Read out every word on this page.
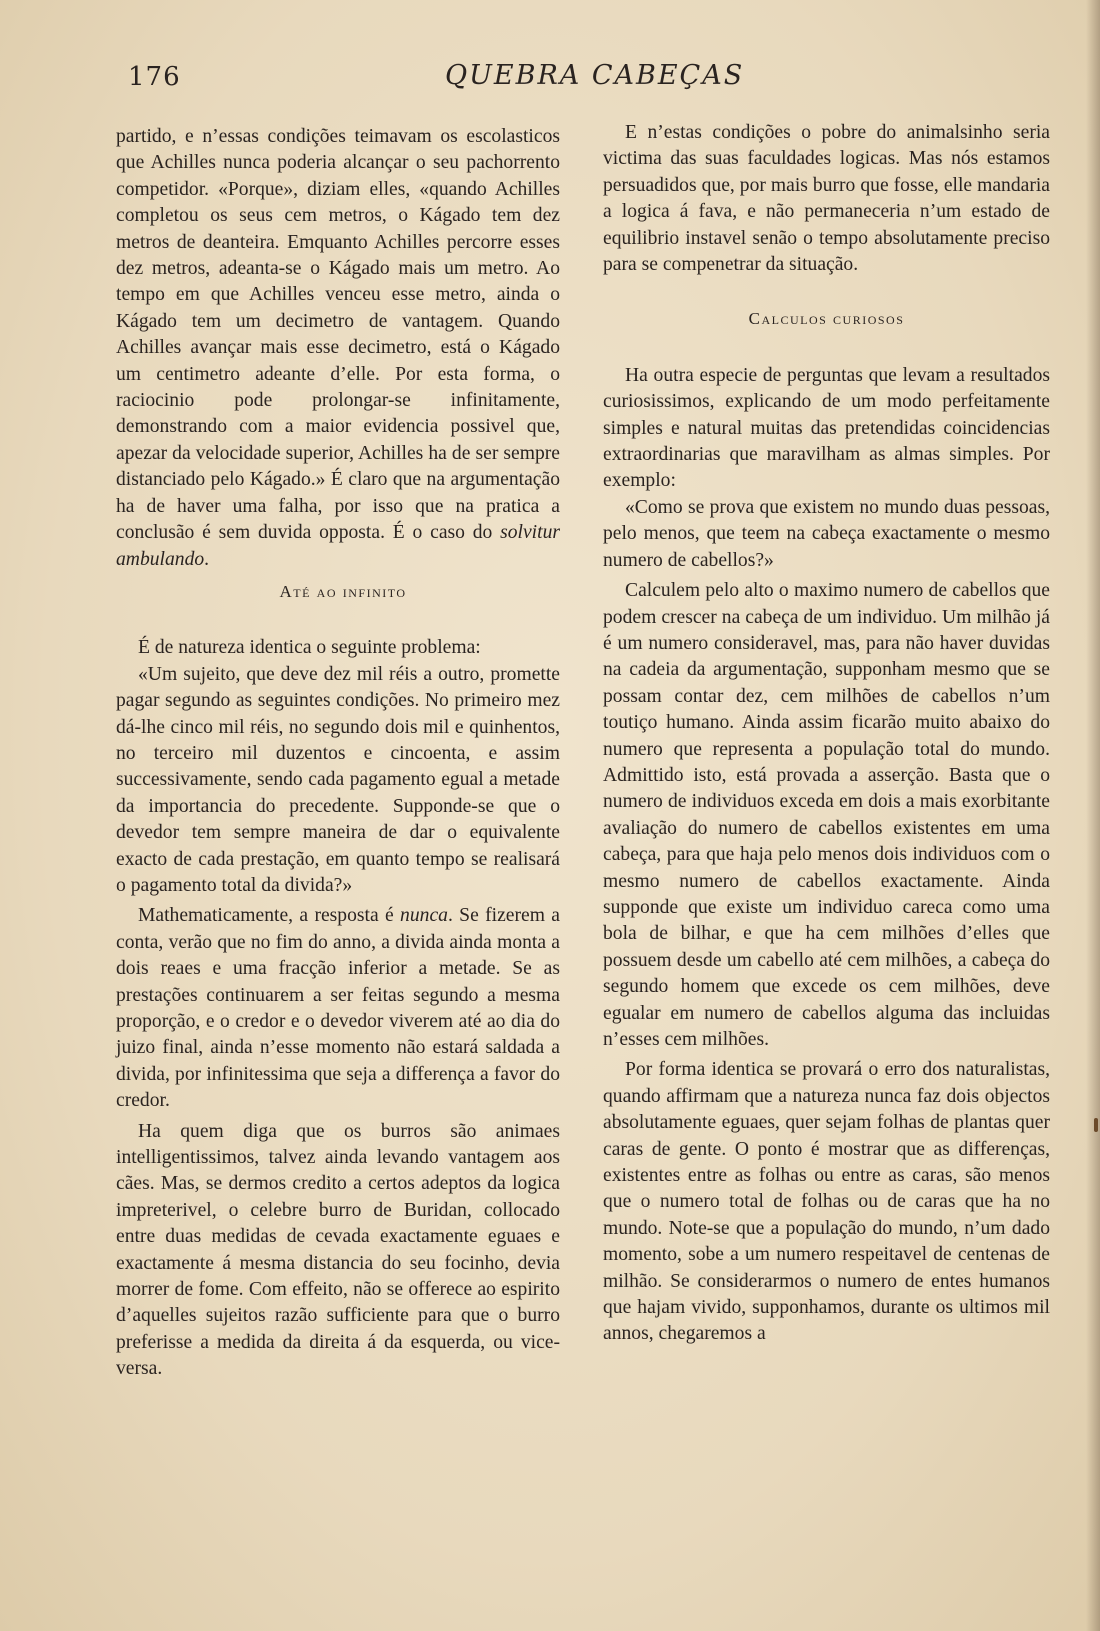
176	QUEBRA CABEÇAS

partido, e n’essas condições teimavam os escolasticos que Achilles nunca poderia alcançar o seu pachorrento competidor. «Porque», diziam elles, «quando Achilles completou os seus cem metros, o Kágado tem dez metros de deanteira. Emquanto Achilles percorre esses dez metros, adeanta-se o Kágado mais um metro. Ao tempo em que Achilles venceu esse metro, ainda o Kágado tem um decimetro de vantagem. Quando Achilles avançar mais esse decimetro, está o Kágado um centimetro adeante d’elle. Por esta forma, o raciocinio pode prolongar-se infinitamente, demonstrando com a maior evidencia possivel que, apezar da velocidade superior, Achilles ha de ser sempre distanciado pelo Kágado.» É claro que na argumentação ha de haver uma falha, por isso que na pratica a conclusão é sem duvida opposta. É o caso do solvitur ambulando.

Até ao infinito

É de natureza identica o seguinte problema:

«Um sujeito, que deve dez mil réis a outro, promette pagar segundo as seguintes condições. No primeiro mez dá-lhe cinco mil réis, no segundo dois mil e quinhentos, no terceiro mil duzentos e cincoenta, e assim successivamente, sendo cada pagamento egual a metade da importancia do precedente. Supponde-se que o devedor tem sempre maneira de dar o equivalente exacto de cada prestação, em quanto tempo se realisará o pagamento total da divida?»

Mathematicamente, a resposta é nunca. Se fizerem a conta, verão que no fim do anno, a divida ainda monta a dois reaes e uma fracção inferior a metade. Se as prestações continuarem a ser feitas segundo a mesma proporção, e o credor e o devedor viverem até ao dia do juizo final, ainda n’esse momento não estará saldada a divida, por infinitessima que seja a differença a favor do credor.

Ha quem diga que os burros são animaes intelligentissimos, talvez ainda levando vantagem aos cães. Mas, se dermos credito a certos adeptos da logica impreterivel, o celebre burro de Buridan, collocado entre duas medidas de cevada exactamente eguaes e exactamente á mesma distancia do seu focinho, devia morrer de fome. Com effeito, não se offerece ao espirito d’aquelles sujeitos razão sufficiente para que o burro preferisse a medida da direita á da esquerda, ou vice-versa.

E n’estas condições o pobre do animalsinho seria victima das suas faculdades logicas. Mas nós estamos persuadidos que, por mais burro que fosse, elle mandaria a logica á fava, e não permaneceria n’um estado de equilibrio instavel senão o tempo absolutamente preciso para se compenetrar da situação.

Calculos curiosos

Ha outra especie de perguntas que levam a resultados curiosissimos, explicando de um modo perfeitamente simples e natural muitas das pretendidas coincidencias extraordinarias que maravilham as almas simples. Por exemplo:

«Como se prova que existem no mundo duas pessoas, pelo menos, que teem na cabeça exactamente o mesmo numero de cabellos?»

Calculem pelo alto o maximo numero de cabellos que podem crescer na cabeça de um individuo. Um milhão já é um numero consideravel, mas, para não haver duvidas na cadeia da argumentação, supponham mesmo que se possam contar dez, cem milhões de cabellos n’um toutiço humano. Ainda assim ficarão muito abaixo do numero que representa a população total do mundo. Admittido isto, está provada a asserção. Basta que o numero de individuos exceda em dois a mais exorbitante avaliação do numero de cabellos existentes em uma cabeça, para que haja pelo menos dois individuos com o mesmo numero de cabellos exactamente. Ainda supponde que existe um individuo careca como uma bola de bilhar, e que ha cem milhões d’elles que possuem desde um cabello até cem milhões, a cabeça do segundo homem que excede os cem milhões, deve egualar em numero de cabellos alguma das incluidas n’esses cem milhões.

Por forma identica se provará o erro dos naturalistas, quando affirmam que a natureza nunca faz dois objectos absolutamente eguaes, quer sejam folhas de plantas quer caras de gente. O ponto é mostrar que as differenças, existentes entre as folhas ou entre as caras, são menos que o numero total de folhas ou de caras que ha no mundo. Note-se que a população do mundo, n’um dado momento, sobe a um numero respeitavel de centenas de milhão. Se considerarmos o numero de entes humanos que hajam vivido, supponhamos, durante os ultimos mil annos, chegaremos a
